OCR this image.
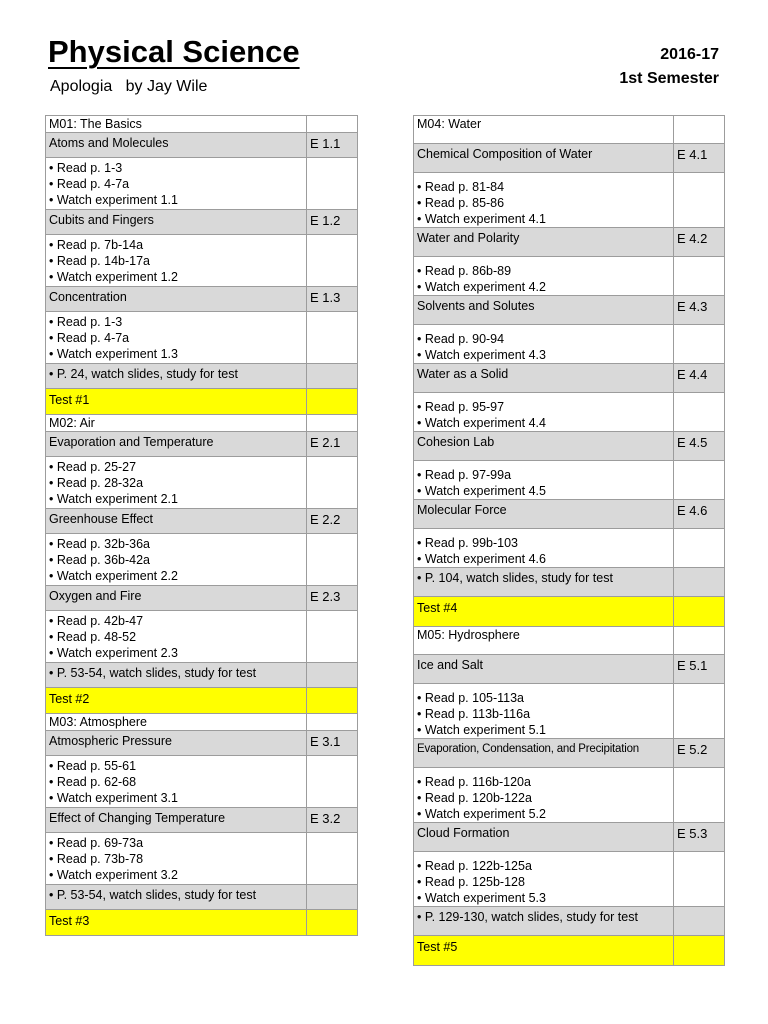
Physical Science
Apologia   by Jay Wile
2016-17
1st Semester
M01: The Basics	
Atoms and Molecules	E 1.1

• Read p. 1-3
• Read p. 4-7a
• Watch experiment 1.1

Cubits and Fingers	E 1.2

• Read p. 7b-14a
• Read p. 14b-17a
• Watch experiment 1.2

Concentration	E 1.3

• Read p. 1-3
• Read p. 4-7a
• Watch experiment 1.3

• P. 24, watch slides, study for test

Test #1	
M02: Air	
Evaporation and Temperature	E 2.1

• Read p. 25-27
• Read p. 28-32a
• Watch experiment 2.1

Greenhouse Effect	E 2.2

• Read p. 32b-36a
• Read p. 36b-42a
• Watch experiment 2.2

Oxygen and Fire	E 2.3

• Read p. 42b-47
• Read p. 48-52
• Watch experiment 2.3

• P. 53-54, watch slides, study for test

Test #2	
M03: Atmosphere	
Atmospheric Pressure	E 3.1

• Read p. 55-61
• Read p. 62-68
• Watch experiment 3.1

Effect of Changing Temperature	E 3.2

• Read p. 69-73a
• Read p. 73b-78
• Watch experiment 3.2

• P. 53-54, watch slides, study for test

Test #3	
M04: Water	
Chemical Composition of Water	E 4.1

• Read p. 81-84
• Read p. 85-86
• Watch experiment 4.1

Water and Polarity	E 4.2

• Read p. 86b-89
• Watch experiment 4.2

Solvents and Solutes	E 4.3

• Read p. 90-94
• Watch experiment 4.3

Water as a Solid	E 4.4

• Read p. 95-97
• Watch experiment 4.4

Cohesion Lab	E 4.5

• Read p. 97-99a
• Watch experiment 4.5

Molecular Force	E 4.6

• Read p. 99b-103
• Watch experiment 4.6

• P. 104, watch slides, study for test

Test #4	
M05: Hydrosphere	
Ice and Salt	E 5.1

• Read p. 105-113a
• Read p. 113b-116a
• Watch experiment 5.1

Evaporation, Condensation, and Precipitation	E 5.2

• Read p. 116b-120a
• Read p. 120b-122a
• Watch experiment 5.2

Cloud Formation	E 5.3

• Read p. 122b-125a
• Read p. 125b-128
• Watch experiment 5.3

• P. 129-130, watch slides, study for test

Test #5	
